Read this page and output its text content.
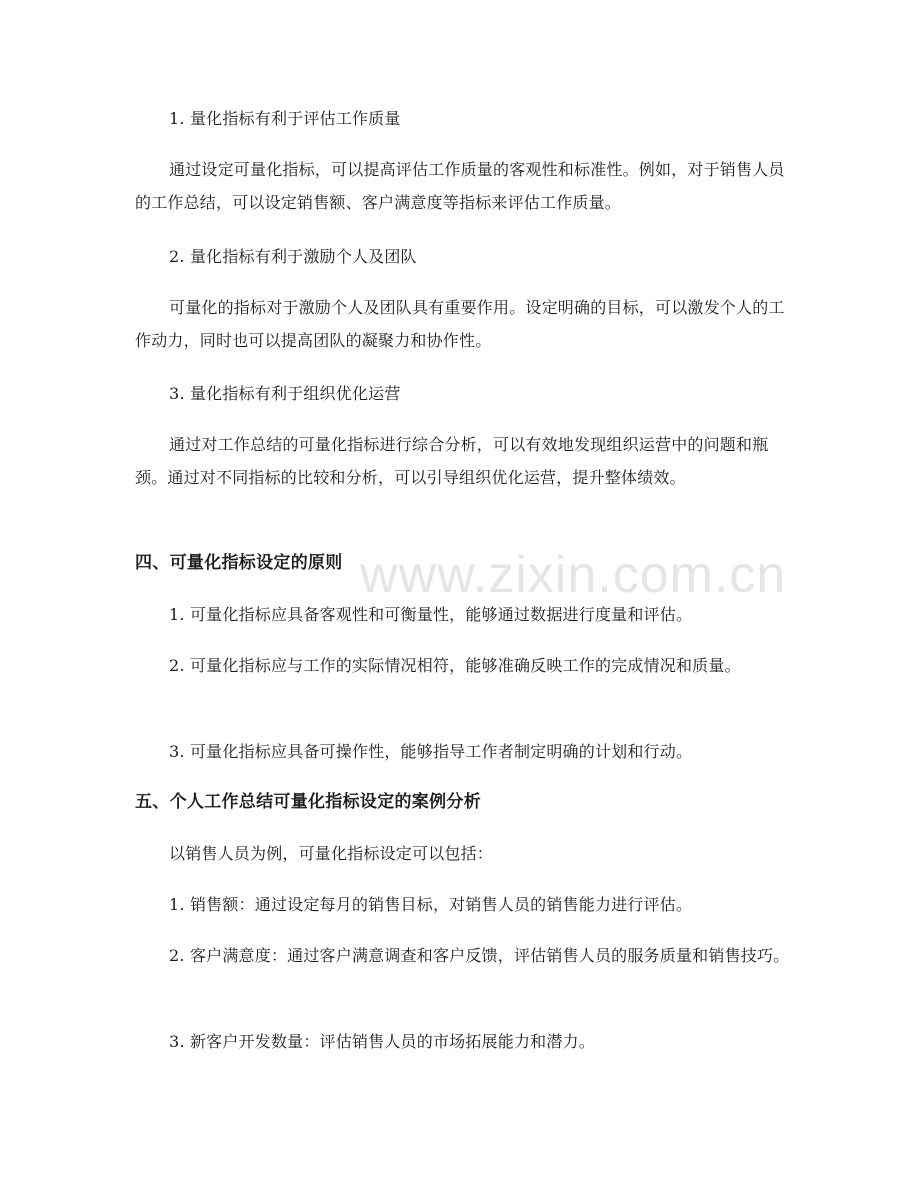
www.zixin.com.cn

1. 量化指标有利于评估工作质量

通过设定可量化指标，可以提高评估工作质量的客观性和标准性。例如，对于销售人员的工作总结，可以设定销售额、客户满意度等指标来评估工作质量。

2. 量化指标有利于激励个人及团队

可量化的指标对于激励个人及团队具有重要作用。设定明确的目标，可以激发个人的工作动力，同时也可以提高团队的凝聚力和协作性。

3. 量化指标有利于组织优化运营

通过对工作总结的可量化指标进行综合分析，可以有效地发现组织运营中的问题和瓶颈。通过对不同指标的比较和分析，可以引导组织优化运营，提升整体绩效。

四、可量化指标设定的原则

1. 可量化指标应具备客观性和可衡量性，能够通过数据进行度量和评估。

2. 可量化指标应与工作的实际情况相符，能够准确反映工作的完成情况和质量。

3. 可量化指标应具备可操作性，能够指导工作者制定明确的计划和行动。

五、个人工作总结可量化指标设定的案例分析

以销售人员为例，可量化指标设定可以包括：

1. 销售额：通过设定每月的销售目标，对销售人员的销售能力进行评估。

2. 客户满意度：通过客户满意调查和客户反馈，评估销售人员的服务质量和销售技巧。

3. 新客户开发数量：评估销售人员的市场拓展能力和潜力。
